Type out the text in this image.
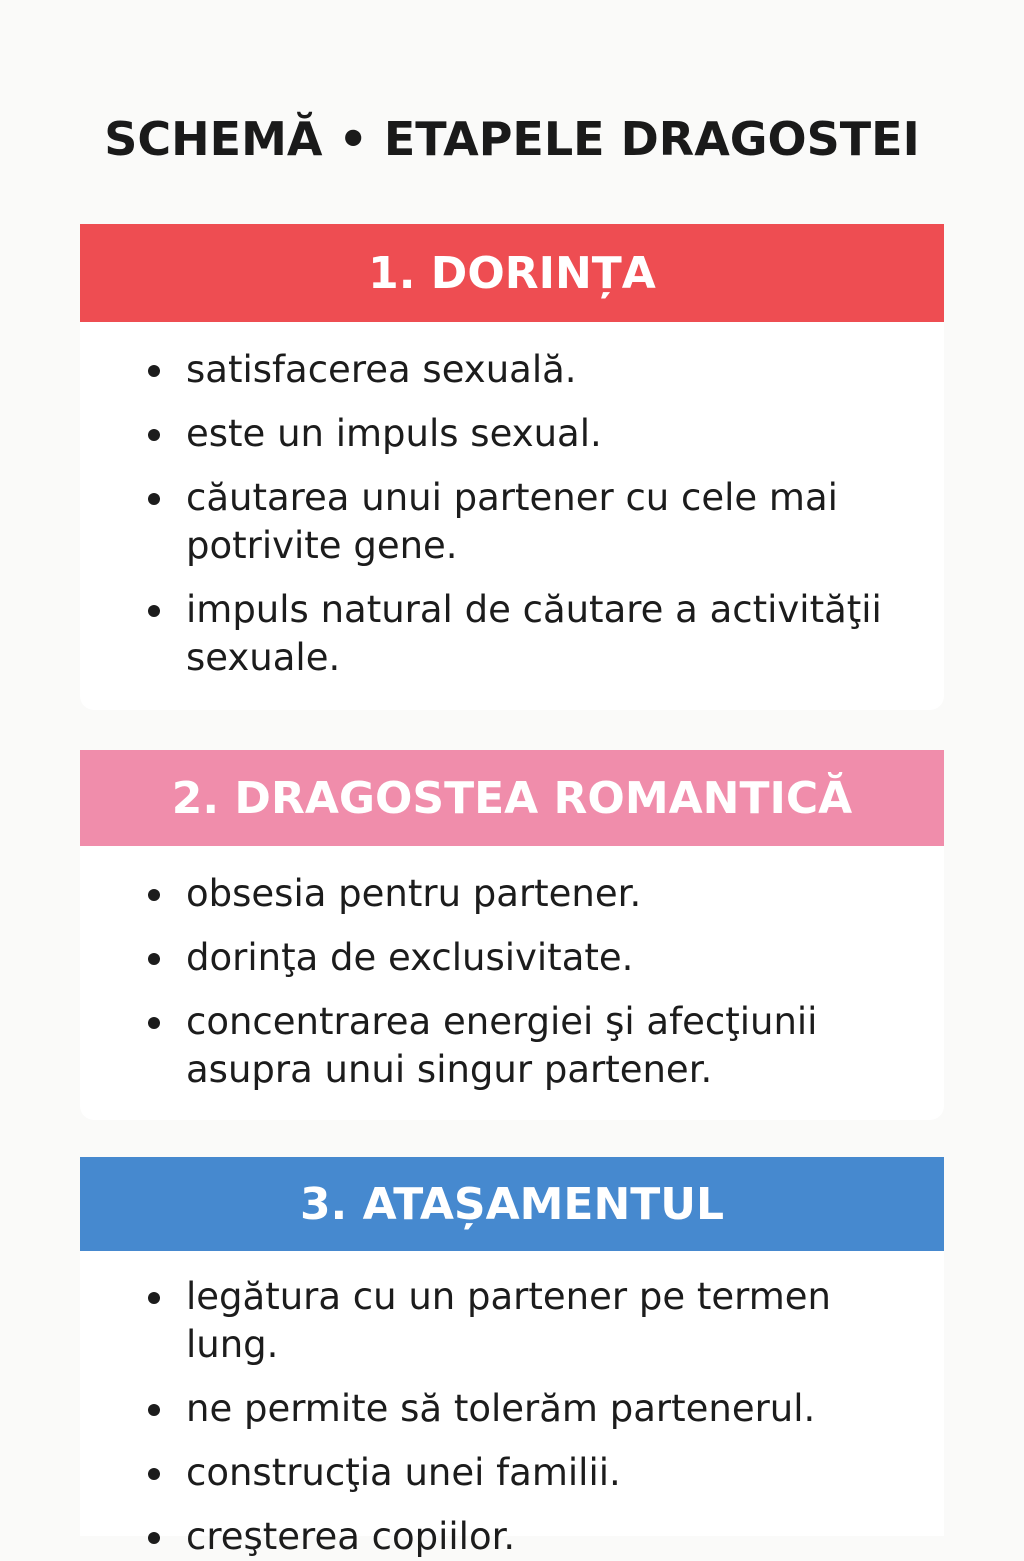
SCHEMĂ • ETAPELE DRAGOSTEI
1. DORINȚA
satisfacerea sexuală.
este un impuls sexual.
căutarea unui partener cu cele mai potrivite gene.
impuls natural de căutare a activităţii sexuale.
2. DRAGOSTEA ROMANTICĂ
obsesia pentru partener.
dorinţa de exclusivitate.
concentrarea energiei şi afecţiunii asupra unui singur partener.
3. ATAȘAMENTUL
legătura cu un partener pe termen lung.
ne permite să tolerăm partenerul.
construcţia unei familii.
creşterea copiilor.
